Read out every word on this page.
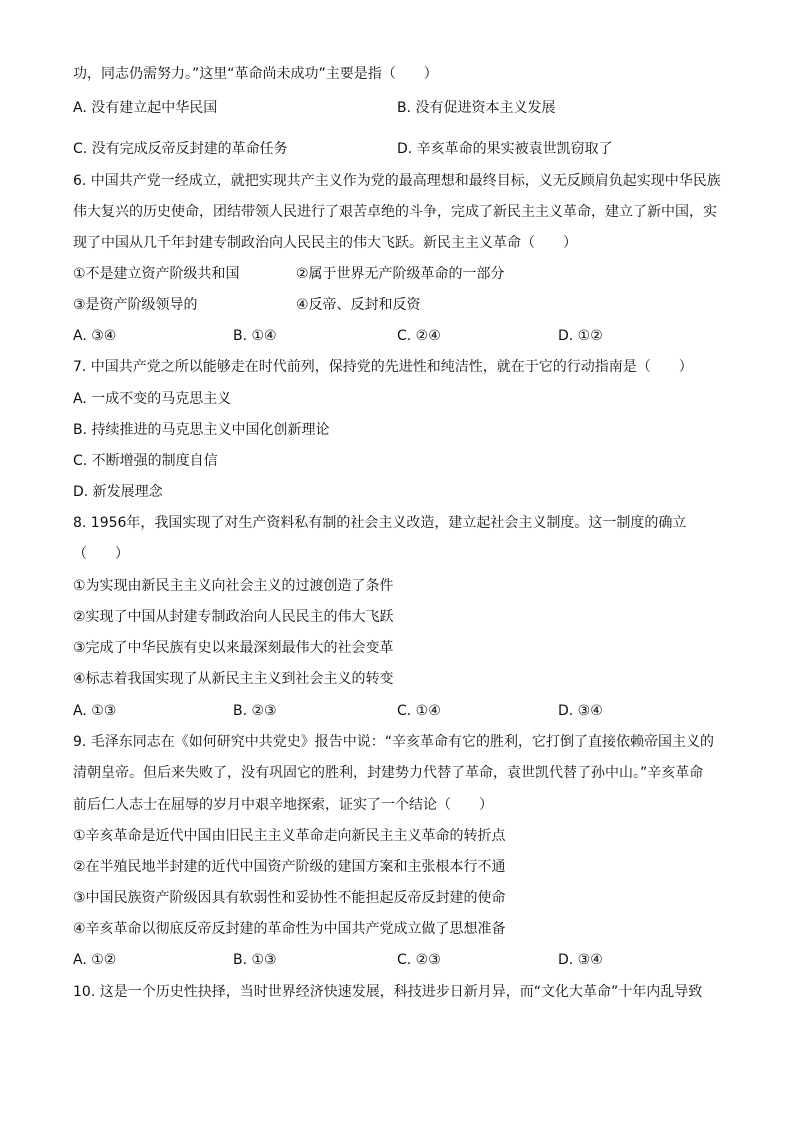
功，同志仍需努力。”这里“革命尚未成功”主要是指（　　）
A. 没有建立起中华民国	B. 没有促进资本主义发展
C. 没有完成反帝反封建的革命任务	D. 辛亥革命的果实被袁世凯窃取了
6. 中国共产党一经成立，就把实现共产主义作为党的最高理想和最终目标，义无反顾肩负起实现中华民族
伟大复兴的历史使命，团结带领人民进行了艰苦卓绝的斗争，完成了新民主主义革命，建立了新中国，实
现了中国从几千年封建专制政治向人民民主的伟大飞跃。新民主主义革命（　　）
①不是建立资产阶级共和国	②属于世界无产阶级革命的一部分
③是资产阶级领导的	④反帝、反封和反资
A. ③④	B. ①④	C. ②④	D. ①②
7. 中国共产党之所以能够走在时代前列，保持党的先进性和纯洁性，就在于它的行动指南是（　　）
A. 一成不变的马克思主义
B. 持续推进的马克思主义中国化创新理论
C. 不断增强的制度自信
D. 新发展理念
8. 1956年，我国实现了对生产资料私有制的社会主义改造，建立起社会主义制度。这一制度的确立
（　　）
①为实现由新民主主义向社会主义的过渡创造了条件
②实现了中国从封建专制政治向人民民主的伟大飞跃
③完成了中华民族有史以来最深刻最伟大的社会变革
④标志着我国实现了从新民主主义到社会主义的转变
A. ①③	B. ②③	C. ①④	D. ③④
9. 毛泽东同志在《如何研究中共党史》报告中说：“辛亥革命有它的胜利，它打倒了直接依赖帝国主义的
清朝皇帝。但后来失败了，没有巩固它的胜利，封建势力代替了革命，袁世凯代替了孙中山。”辛亥革命
前后仁人志士在屈辱的岁月中艰辛地探索，证实了一个结论（　　）
①辛亥革命是近代中国由旧民主主义革命走向新民主主义革命的转折点
②在半殖民地半封建的近代中国资产阶级的建国方案和主张根本行不通
③中国民族资产阶级因具有软弱性和妥协性不能担起反帝反封建的使命
④辛亥革命以彻底反帝反封建的革命性为中国共产党成立做了思想准备
A. ①②	B. ①③	C. ②③	D. ③④
10. 这是一个历史性抉择，当时世界经济快速发展，科技进步日新月异，而“文化大革命”十年内乱导致
